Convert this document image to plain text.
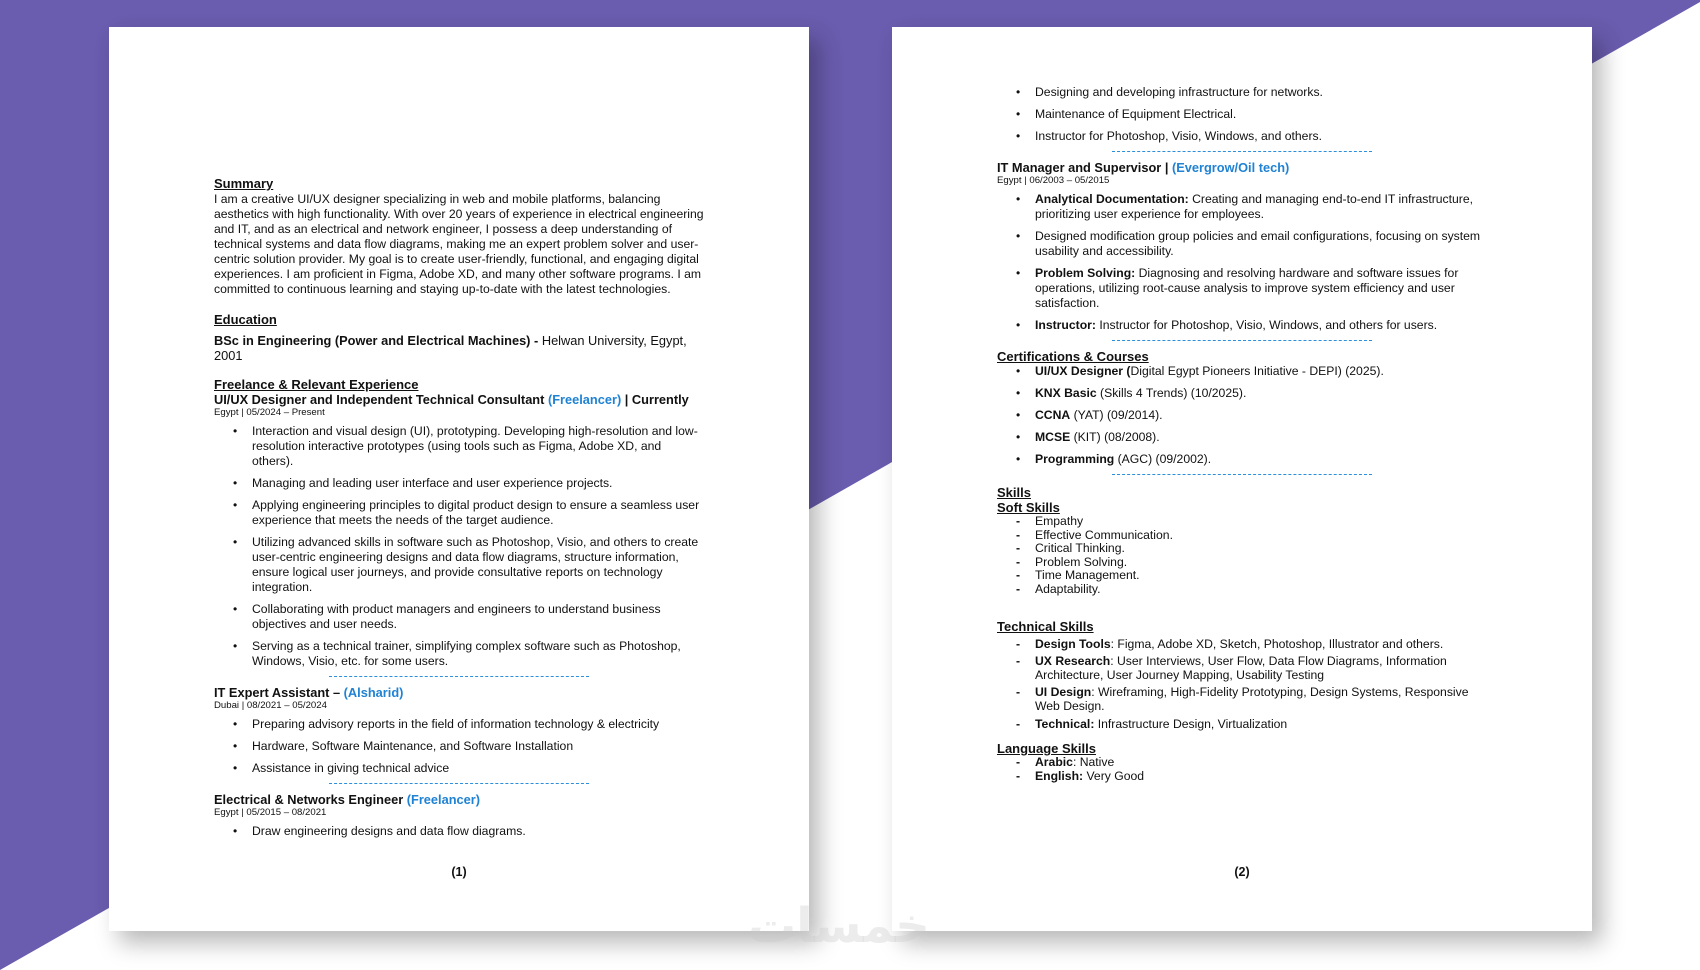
Summary

I am a creative UI/UX designer specializing in web and mobile platforms, balancing aesthetics with high functionality. With over 20 years of experience in electrical engineering and IT, and as an electrical and network engineer, I possess a deep understanding of technical systems and data flow diagrams, making me an expert problem solver and user-centric solution provider. My goal is to create user-friendly, functional, and engaging digital experiences. I am proficient in Figma, Adobe XD, and many other software programs. I am committed to continuous learning and staying up-to-date with the latest technologies.

Education

BSc in Engineering (Power and Electrical Machines) - Helwan University, Egypt, 2001

Freelance & Relevant Experience
UI/UX Designer and Independent Technical Consultant (Freelancer) | Currently
Egypt | 05/2024 – Present
• Interaction and visual design (UI), prototyping. Developing high-resolution and low-resolution interactive prototypes (using tools such as Figma, Adobe XD, and others).
• Managing and leading user interface and user experience projects.
• Applying engineering principles to digital product design to ensure a seamless user experience that meets the needs of the target audience.
• Utilizing advanced skills in software such as Photoshop, Visio, and others to create user-centric engineering designs and data flow diagrams, structure information, ensure logical user journeys, and provide consultative reports on technology integration.
• Collaborating with product managers and engineers to understand business objectives and user needs.
• Serving as a technical trainer, simplifying complex software such as Photoshop, Windows, Visio, etc. for some users.
IT Expert Assistant – (Alsharid)
Dubai | 08/2021 – 05/2024
• Preparing advisory reports in the field of information technology & electricity
• Hardware, Software Maintenance, and Software Installation
• Assistance in giving technical advice
Electrical & Networks Engineer (Freelancer)
Egypt | 05/2015 – 08/2021
• Draw engineering designs and data flow diagrams.
(1)
• Designing and developing infrastructure for networks.
• Maintenance of Equipment Electrical.
• Instructor for Photoshop, Visio, Windows, and others.
IT Manager and Supervisor | (Evergrow/Oil tech)
Egypt | 06/2003 – 05/2015
• Analytical Documentation: Creating and managing end-to-end IT infrastructure, prioritizing user experience for employees.
• Designed modification group policies and email configurations, focusing on system usability and accessibility.
• Problem Solving: Diagnosing and resolving hardware and software issues for operations, utilizing root-cause analysis to improve system efficiency and user satisfaction.
• Instructor: Instructor for Photoshop, Visio, Windows, and others for users.
Certifications & Courses
• UI/UX Designer (Digital Egypt Pioneers Initiative - DEPI) (2025).
• KNX Basic (Skills 4 Trends) (10/2025).
• CCNA (YAT) (09/2014).
• MCSE (KIT) (08/2008).
• Programming (AGC) (09/2002).
Skills
Soft Skills
- Empathy
- Effective Communication.
- Critical Thinking.
- Problem Solving.
- Time Management.
- Adaptability.
Technical Skills
- Design Tools: Figma, Adobe XD, Sketch, Photoshop, Illustrator and others.
- UX Research: User Interviews, User Flow, Data Flow Diagrams, Information Architecture, User Journey Mapping, Usability Testing
- UI Design: Wireframing, High-Fidelity Prototyping, Design Systems, Responsive Web Design.
- Technical: Infrastructure Design, Virtualization
Language Skills
- Arabic: Native
- English: Very Good
(2)
خمسات
